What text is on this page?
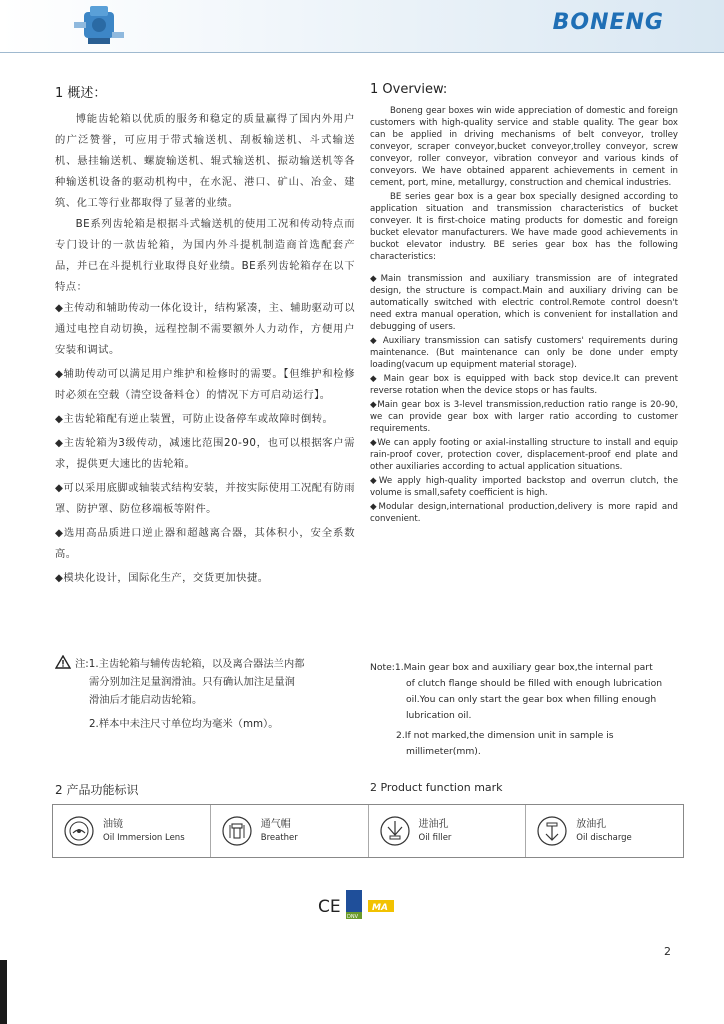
BONENG
1 概述：

博能齿轮箱以优质的服务和稳定的质量赢得了国内外用户的广泛赞誉，可应用于带式输送机、刮板输送机、斗式输送机、悬挂输送机、螺旋输送机、辊式输送机、振动输送机等各种输送机设备的驱动机构中，在水泥、港口、矿山、冶金、建筑、化工等行业都取得了显著的业绩。

BE系列齿轮箱是根据斗式输送机的使用工况和传动特点而专门设计的一款齿轮箱，为国内外斗提机制造商首选配套产品，并已在斗提机行业取得良好业绩。BE系列齿轮箱存在以下特点：

◆主传动和辅助传动一体化设计，结构紧凑，主、辅助驱动可以通过电控自动切换，远程控制不需要额外人力动作，方便用户安装和调试。

◆辅助传动可以满足用户维护和检修时的需要。【但维护和检修时必须在空载（清空设备料仓）的情况下方可启动运行】。

◆主齿轮箱配有逆止装置，可防止设备停车或故障时倒转。

◆主齿轮箱为3级传动，减速比范围20-90，也可以根据客户需求，提供更大速比的齿轮箱。

◆可以采用底脚或轴装式结构安装，并按实际使用工况配有防雨罩、防护罩、防位移端板等附件。

◆选用高品质进口逆止器和超越离合器，其体积小，安全系数高。

◆模块化设计，国际化生产，交货更加快捷。

1 Overview:

Boneng gear boxes win wide appreciation of domestic and foreign customers with high-quality service and stable quality. The gear box can be applied in driving mechanisms of belt conveyor, trolley conveyor, scraper conveyor,bucket conveyor,trolley conveyor, screw conveyor, roller conveyor, vibration conveyor and various kinds of conveyors. We have obtained apparent achievements in cement in cement, port, mine, metallurgy, construction and chemical industries.

BE series gear box is a gear box specially designed according to application situation and transmission characteristics of bucket conveyer. It is first-choice mating products for domestic and foreign bucket elevator manufacturers. We have made good achievements in buckot elevator industry. BE series gear box has the following characteristics:

◆Main transmission and auxiliary transmission are of integrated design, the structure is compact.Main and auxiliary driving can be automatically switched with electric control.Remote control doesn't need extra manual operation, which is convenient for installation and debugging of users.

◆ Auxiliary transmission can satisfy customers' requirements during maintenance. (But maintenance can only be done under empty loading(vacum up equipment material storage).

◆ Main gear box is equipped with back stop device.It can prevent reverse rotation when the device stops or has faults.

◆Main gear box is 3-level transmission,reduction ratio range is 20-90, we can provide gear box with larger ratio according to customer requirements.

◆We can apply footing or axial-installing structure to install and equip rain-proof cover, protection cover, displacement-proof end plate and other auxiliaries according to actual application situations.

◆We apply high-quality imported backstop and overrun clutch, the volume is small,safety coefficient is high.

◆Modular design,international production,delivery is more rapid and convenient.

注:1.主齿轮箱与辅传齿轮箱，以及离合器法兰内都

需分别加注足量润滑油。只有确认加注足量润

滑油后才能启动齿轮箱。

2.样本中未注尺寸单位均为毫米（mm）。

Note:1.Main gear box and auxiliary gear box,the internal part

of clutch flange should be filled with enough lubrication

oil.You can only start the gear box when filling enough

lubrication oil.

2.If not marked,the dimension unit in sample is

millimeter(mm).

2 产品功能标识	2 Product function mark
油镜
Oil Immersion Lens
通气帽
Breather
进油孔
Oil filler
放油孔
Oil discharge
CE DNV
MA
2
